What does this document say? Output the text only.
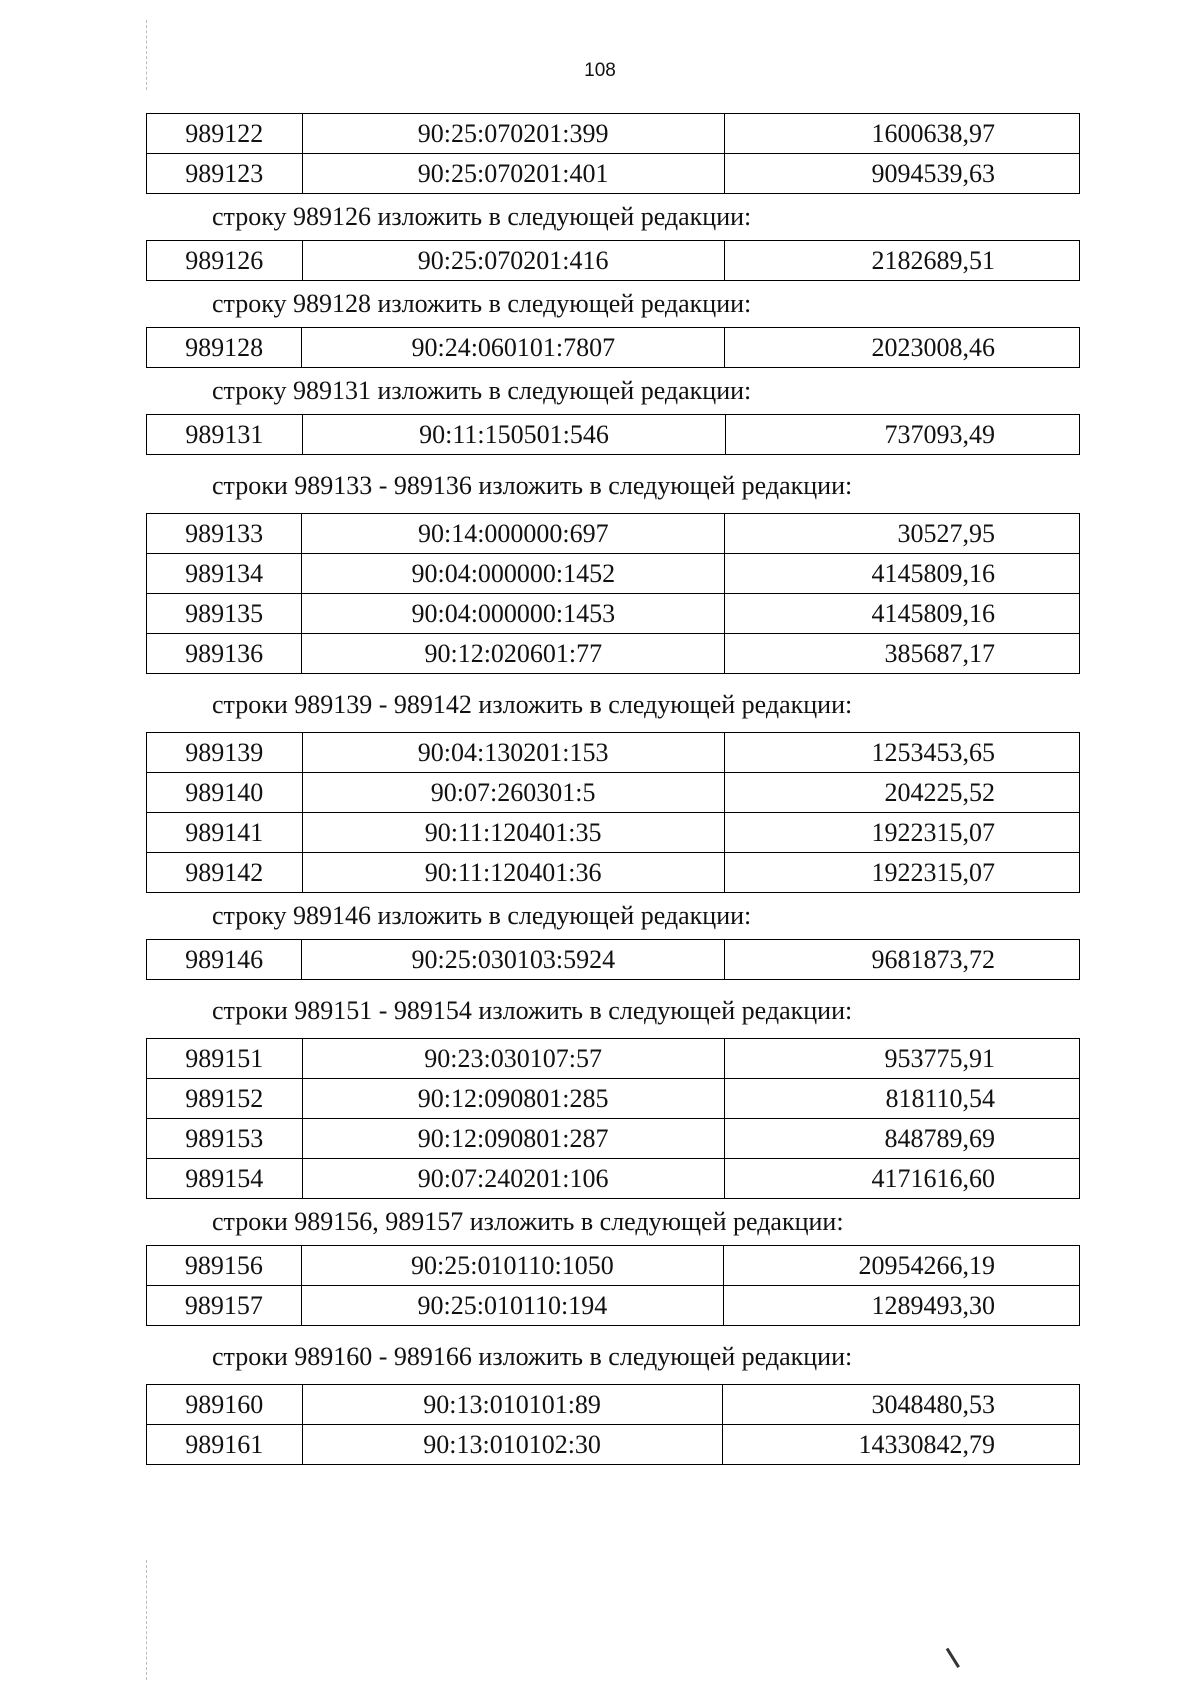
108
989122	90:25:070201:399	1600638,97
989123	90:25:070201:401	9094539,63
строку 989126 изложить в следующей редакции:
989126	90:25:070201:416	2182689,51
строку 989128 изложить в следующей редакции:
989128	90:24:060101:7807	2023008,46
строку 989131 изложить в следующей редакции:
989131	90:11:150501:546	737093,49
строки 989133 - 989136 изложить в следующей редакции:
989133	90:14:000000:697	30527,95
989134	90:04:000000:1452	4145809,16
989135	90:04:000000:1453	4145809,16
989136	90:12:020601:77	385687,17
строки 989139 - 989142 изложить в следующей редакции:
989139	90:04:130201:153	1253453,65
989140	90:07:260301:5	204225,52
989141	90:11:120401:35	1922315,07
989142	90:11:120401:36	1922315,07
строку 989146 изложить в следующей редакции:
989146	90:25:030103:5924	9681873,72
строки 989151 - 989154 изложить в следующей редакции:
989151	90:23:030107:57	953775,91
989152	90:12:090801:285	818110,54
989153	90:12:090801:287	848789,69
989154	90:07:240201:106	4171616,60
строки 989156, 989157 изложить в следующей редакции:
989156	90:25:010110:1050	20954266,19
989157	90:25:010110:194	1289493,30
строки 989160 - 989166 изложить в следующей редакции:
989160	90:13:010101:89	3048480,53
989161	90:13:010102:30	14330842,79
